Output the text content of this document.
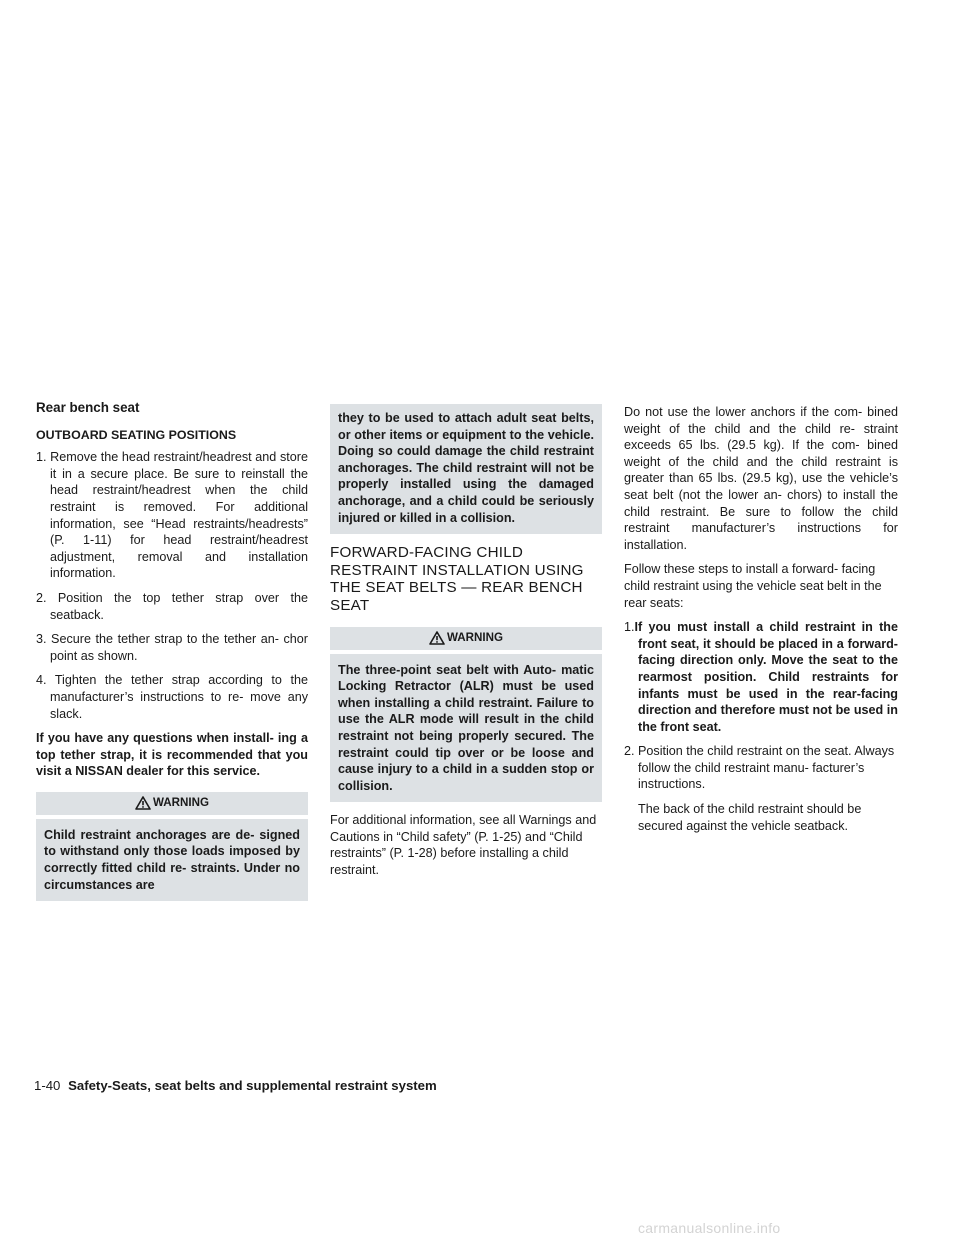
Rear bench seat
OUTBOARD SEATING POSITIONS
1. Remove the head restraint/headrest and store it in a secure place. Be sure to reinstall the head restraint/headrest when the child restraint is removed. For additional information, see “Head restraints/headrests” (P. 1-11) for head restraint/headrest adjustment, removal and installation information.
2. Position the top tether strap over the seatback.
3. Secure the tether strap to the tether an- chor point as shown.
4. Tighten the tether strap according to the manufacturer’s instructions to re- move any slack.

If you have any questions when install- ing a top tether strap, it is recommended that you visit a NISSAN dealer for this service.

WARNING
Child restraint anchorages are de- signed to withstand only those loads imposed by correctly fitted child re- straints. Under no circumstances are
they to be used to attach adult seat belts, or other items or equipment to the vehicle. Doing so could damage the child restraint anchorages. The child restraint will not be properly installed using the damaged anchorage, and a child could be seriously injured or killed in a collision.
FORWARD-FACING CHILD RESTRAINT INSTALLATION USING THE SEAT BELTS — REAR BENCH SEAT
WARNING
The three-point seat belt with Auto- matic Locking Retractor (ALR) must be used when installing a child restraint. Failure to use the ALR mode will result in the child restraint not being properly secured. The restraint could tip over or be loose and cause injury to a child in a sudden stop or collision.

For additional information, see all Warnings and Cautions in “Child safety” (P. 1-25) and “Child restraints” (P. 1-28) before installing a child restraint.

Do not use the lower anchors if the com- bined weight of the child and the child re- straint exceeds 65 lbs. (29.5 kg). If the com- bined weight of the child and the child restraint is greater than 65 lbs. (29.5 kg), use the vehicle’s seat belt (not the lower an- chors) to install the child restraint. Be sure to follow the child restraint manufacturer’s instructions for installation.

Follow these steps to install a forward- facing child restraint using the vehicle seat belt in the rear seats:

1.If you must install a child restraint in the front seat, it should be placed in a forward-facing direction only. Move the seat to the rearmost position. Child restraints for infants must be used in the rear-facing direction and therefore must not be used in the front seat.
2. Position the child restraint on the seat. Always follow the child restraint manu- facturer’s instructions.
The back of the child restraint should be secured against the vehicle seatback.
1-40 Safety-Seats, seat belts and supplemental restraint system
carmanualsonline.info
